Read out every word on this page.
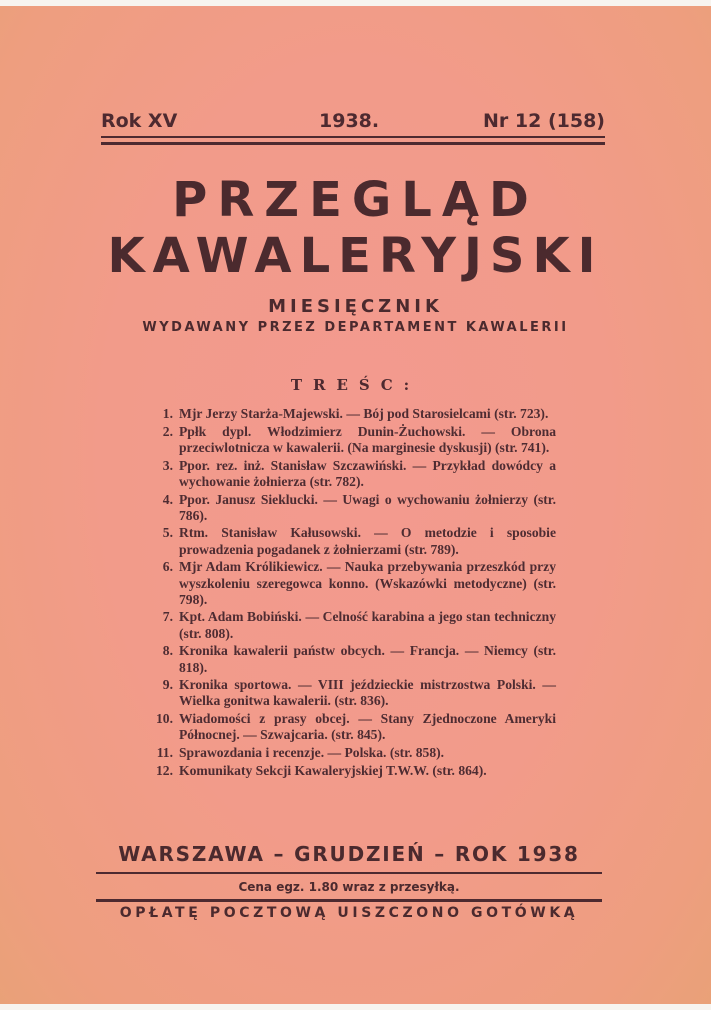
Rok XV	1938.	Nr 12 (158)
PRZEGLĄD
KAWALERYJSKI
MIESIĘCZNIK
WYDAWANY PRZEZ DEPARTAMENT KAWALERII
TREŚC:
1. Mjr Jerzy Starża-Majewski. — Bój pod Starosielcami (str. 723).
2. Ppłk dypl. Włodzimierz Dunin-Żuchowski. — Obrona przeciwlotnicza w kawalerii. (Na marginesie dyskusji) (str. 741).
3. Ppor. rez. inż. Stanisław Szczawiński. — Przykład dowódcy a wychowanie żołnierza (str. 782).
4. Ppor. Janusz Sieklucki. — Uwagi o wychowaniu żołnierzy (str. 786).
5. Rtm. Stanisław Kałusowski. — O metodzie i sposobie prowadzenia pogadanek z żołnierzami (str. 789).
6. Mjr Adam Królikiewicz. — Nauka przebywania przeszkód przy wyszkoleniu szeregowca konno. (Wskazówki metodyczne) (str. 798).
7. Kpt. Adam Bobiński. — Celność karabina a jego stan techniczny (str. 808).
8. Kronika kawalerii państw obcych. — Francja. — Niemcy (str. 818).
9. Kronika sportowa. — VIII jeździeckie mistrzostwa Polski. — Wielka gonitwa kawalerii. (str. 836).
10. Wiadomości z prasy obcej. — Stany Zjednoczone Ameryki Północnej. — Szwajcaria. (str. 845).
11. Sprawozdania i recenzje. — Polska. (str. 858).
12. Komunikaty Sekcji Kawaleryjskiej T.W.W. (str. 864).
WARSZAWA – GRUDZIEŃ – ROK 1938
Cena egz. 1.80 wraz z przesyłką.
OPŁATĘ POCZTOWĄ UISZCZONO GOTÓWKĄ
